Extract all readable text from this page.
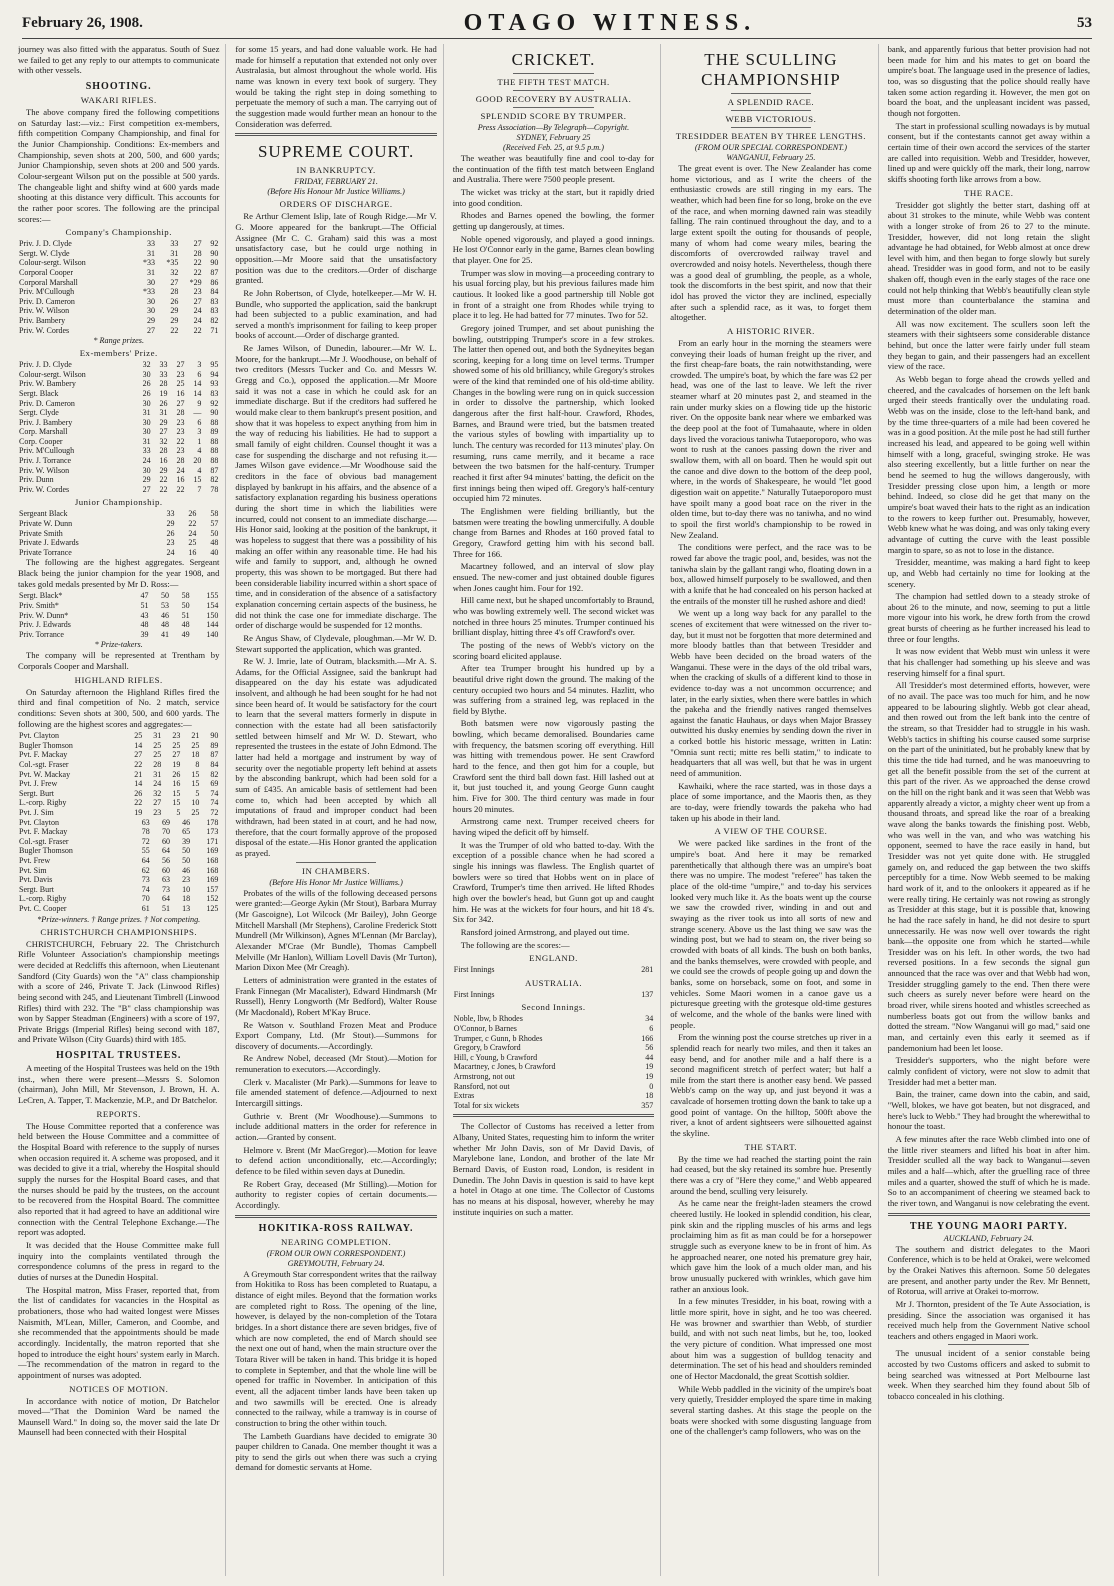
February 26, 1908.	OTAGO WITNESS.	53

journey was also fitted with the apparatus. South of Suez we failed to get any reply to our attempts to communicate with other vessels.

SHOOTING.
WAKARI RIFLES.

The above company fired the following competitions on Saturday last:—viz.: First competition ex-members, fifth competition Company Championship, and final for the Junior Championship. Conditions: Ex-members and Championship, seven shots at 200, 500, and 600 yards; Junior Championship, seven shots at 200 and 500 yards. Colour-sergeant Wilson put on the possible at 500 yards. The changeable light and shifty wind at 600 yards made shooting at this distance very difficult. This accounts for the rather poor scores. The following are the principal scores:—

Company's Championship.
Priv. J. D. Clyde	33	33	27	92
Sergt. W. Clyde	31	31	28	90
Colour-sergt. Wilson	*33	*35	22	90
Corporal Cooper	31	32	22	87
Corporal Marshall	30	27	*29	86
Priv. M'Cullough	*33	28	23	84
Priv. D. Cameron	30	26	27	83
Priv. W. Wilson	30	29	24	83
Priv. Bambery	29	29	24	82
Priv. W. Cordes	27	22	22	71
* Range prizes.
Ex-members' Prize.
Priv. J. D. Clyde	32	33	27	3	95
Colour-sergt. Wilson	30	33	23	6	94
Priv. W. Bambery	26	28	25	14	93
Sergt. Black	26	19	16	14	83
Priv. D. Cameron	30	26	27	9	92
Sergt. Clyde	31	31	28	—	90
Priv. J. Bambery	30	29	23	6	88
Corp. Marshall	30	27	23	3	89
Corp. Cooper	31	32	22	1	88
Priv. M'Cullough	33	28	23	4	88
Priv. J. Torrance	24	16	28	20	88
Priv. W. Wilson	30	29	24	4	87
Priv. Dunn	29	22	16	15	82
Priv. W. Cordes	27	22	22	7	78
Junior Championship.
Sergeant Black	33	26	58
Private W. Dunn	29	22	57
Private Smith	26	24	50
Private J. Edwards	23	25	48
Private Torrance	24	16	40

The following are the highest aggregates. Sergeant Black being the junior champion for the year 1908, and takes gold medals presented by Mr D. Ross:—

Sergt. Black*	47	50	58	155
Priv. Smith*	51	53	50	154
Priv. W. Dunn*	43	46	51	150
Priv. J. Edwards	48	48	48	144
Priv. Torrance	39	41	49	140
* Prize-takers.

The company will be represented at Trentham by Corporals Cooper and Marshall.

HIGHLAND RIFLES.

On Saturday afternoon the Highland Rifles fired the third and final competition of No. 2 match, service conditions: Seven shots at 300, 500, and 600 yards. The following are the highest scores and aggregates:—

Pvt. Clayton	25	31	23	21	90
Bugler Thomson	14	25	25	25	89
Pvt. F. Mackay	27	25	27	18	87
Col.-sgt. Fraser	22	28	19	8	84
Pvt. W. Mackay	21	31	26	15	82
Pvt. J. Frew	14	24	16	15	69
Sergt. Burt	26	32	15	5	74
L.-corp. Rigby	22	27	15	10	74
Pvt. J. Sim	19	23	5	25	72
Pvt. Clayton	63	69	46	178
Pvt. F. Mackay	78	70	65	173
Col.-sgt. Fraser	72	60	39	171
Bugler Thomson	55	64	50	169
Pvt. Frew	64	56	50	168
Pvt. Sim	62	60	46	168
Pvt. Davis	73	63	23	169
Sergt. Burt	74	73	10	157
L.-corp. Rigby	70	64	18	152
Pvt. C. Cooper	61	51	13	125
*Prize-winners. † Range prizes. † Not competing.
CHRISTCHURCH CHAMPIONSHIPS.

CHRISTCHURCH, February 22. The Christchurch Rifle Volunteer Association's championship meetings were decided at Redcliffs this afternoon, when Lieutenant Sandford (City Guards) won the "A" class championship with a score of 246, Private T. Jack (Linwood Rifles) being second with 245, and Lieutenant Timbrell (Linwood Rifles) third with 232. The "B" class championship was won by Sapper Steadman (Engineers) with a score of 197, Private Briggs (Imperial Rifles) being second with 187, and Private Wilson (City Guards) third with 185.

HOSPITAL TRUSTEES.

A meeting of the Hospital Trustees was held on the 19th inst., when there were present—Messrs S. Solomon (chairman), John Mill, Mr Stevenson, J. Brown, H. A. LeCren, A. Tapper, T. Mackenzie, M.P., and Dr Batchelor.

REPORTS.

The House Committee reported that a conference was held between the House Committee and a committee of the Hospital Board with reference to the supply of nurses when occasion required it. A scheme was proposed, and it was decided to give it a trial, whereby the Hospital should supply the nurses for the Hospital Board cases, and that the nurses should be paid by the trustees, on the account to be recovered from the Hospital Board. The committee also reported that it had agreed to have an additional wire connection with the Central Telephone Exchange.—The report was adopted.

It was decided that the House Committee make full inquiry into the complaints ventilated through the correspondence columns of the press in regard to the duties of nurses at the Dunedin Hospital.

The Hospital matron, Miss Fraser, reported that, from the list of candidates for vacancies in the Hospital as probationers, those who had waited longest were Misses Naismith, M'Lean, Miller, Cameron, and Coombe, and she recommended that the appointments should be made accordingly. Incidentally, the matron reported that she hoped to introduce the eight hours' system early in March.—The recommendation of the matron in regard to the appointment of nurses was adopted.

NOTICES OF MOTION.

In accordance with notice of motion, Dr Batchelor moved—"That the Dominion Ward be named the Maunsell Ward." In doing so, the mover said the late Dr Maunsell had been connected with their Hospital

for some 15 years, and had done valuable work. He had made for himself a reputation that extended not only over Australasia, but almost throughout the whole world. His name was known in every text book of surgery. They would be taking the right step in doing something to perpetuate the memory of such a man. The carrying out of the suggestion made would further mean an honour to the Consideration was deferred.

SUPREME COURT.
IN BANKRUPTCY.
FRIDAY, FEBRUARY 21.
(Before His Honour Mr Justice Williams.)
ORDERS OF DISCHARGE.

Re Arthur Clement Islip, late of Rough Ridge.—Mr V. G. Moore appeared for the bankrupt.—The Official Assignee (Mr C. C. Graham) said this was a most unsatisfactory case, but he could urge nothing in opposition.—Mr Moore said that the unsatisfactory position was due to the creditors.—Order of discharge granted.

Re John Robertson, of Clyde, hotelkeeper.—Mr W. H. Bundle, who supported the application, said the bankrupt had been subjected to a public examination, and had served a month's imprisonment for failing to keep proper books of account.—Order of discharge granted.

Re James Wilson, of Dunedin, labourer.—Mr W. L. Moore, for the bankrupt.—Mr J. Woodhouse, on behalf of two creditors (Messrs Tucker and Co. and Messrs W. Gregg and Co.), opposed the application.—Mr Moore said it was not a case in which he could ask for an immediate discharge. But if the creditors had suffered he would make clear to them bankrupt's present position, and show that it was hopeless to expect anything from him in the way of reducing his liabilities. He had to support a small family of eight children. Counsel thought it was a case for suspending the discharge and not refusing it.—James Wilson gave evidence.—Mr Woodhouse said the creditors in the face of obvious bad management displayed by bankrupt in his affairs, and the absence of a satisfactory explanation regarding his business operations during the short time in which the liabilities were incurred, could not consent to an immediate discharge.—His Honor said, looking at the position of the bankrupt, it was hopeless to suggest that there was a possibility of his making an offer within any reasonable time. He had his wife and family to support, and, although he owned property, this was shown to be mortgaged. But there had been considerable liability incurred within a short space of time, and in consideration of the absence of a satisfactory explanation concerning certain aspects of the business, he did not think the case one for immediate discharge. The order of discharge would be suspended for 12 months.

Re Angus Shaw, of Clydevale, ploughman.—Mr W. D. Stewart supported the application, which was granted.

Re W. J. Imrie, late of Outram, blacksmith.—Mr A. S. Adams, for the Official Assignee, said the bankrupt had disappeared on the day his estate was adjudicated insolvent, and although he had been sought for he had not since been heard of. It would be satisfactory for the court to learn that the several matters formerly in dispute in connection with the estate had all been satisfactorily settled between himself and Mr W. D. Stewart, who represented the trustees in the estate of John Edmond. The latter had held a mortgage and instrument by way of security over the negotiable property left behind at assets by the absconding bankrupt, which had been sold for a sum of £435. An amicable basis of settlement had been come to, which had been accepted by which all imputations of fraud and improper conduct had been withdrawn, had been stated in at court, and he had now, therefore, that the court formally approve of the proposed disposal of the estate.—His Honor granted the application as prayed.

IN CHAMBERS.
(Before His Honor Mr Justice Williams.)

Probates of the wills of the following deceased persons were granted:—George Aykin (Mr Stout), Barbara Murray (Mr Gascoigne), Lot Wilcock (Mr Bailey), John George Mitchell Marshall (Mr Stephens), Caroline Frederick Stott Mundrell (Mr Wilkinson), Agnes M'Lennan (Mr Barclay), Alexander M'Crae (Mr Bundle), Thomas Campbell Melville (Mr Hanlon), William Lovell Davis (Mr Turton), Marion Dixon Mee (Mr Creagh).

Letters of administration were granted in the estates of Frank Finnegan (Mr Macalister), Edward Hindmarsh (Mr Russell), Henry Longworth (Mr Bedford), Walter Rouse (Mr Macdonald), Robert M'Kay Bruce.

Re Watson v. Southland Frozen Meat and Produce Export Company, Ltd. (Mr Stout).—Summons for discovery of documents.—Accordingly.

Re Andrew Nobel, deceased (Mr Stout).—Motion for remuneration to executors.—Accordingly.

Clerk v. Macalister (Mr Park).—Summons for leave to file amended statement of defence.—Adjourned to next Intercargill sittings.

Guthrie v. Brent (Mr Woodhouse).—Summons to include additional matters in the order for reference in action.—Granted by consent.

Helmore v. Brent (Mr MacGregor).—Motion for leave to defend action unconditionally, etc.—Accordingly; defence to be filed within seven days at Dunedin.

Re Robert Gray, deceased (Mr Stilling).—Motion for authority to register copies of certain documents.—Accordingly.

HOKITIKA-ROSS RAILWAY.
NEARING COMPLETION.
(FROM OUR OWN CORRESPONDENT.)
GREYMOUTH, February 24.

A Greymouth Star correspondent writes that the railway from Hokitika to Ross has been completed to Ruatapu, a distance of eight miles. Beyond that the formation works are completed right to Ross. The opening of the line, however, is delayed by the non-completion of the Totara bridges. In a short distance there are seven bridges, five of which are now completed, the end of March should see the next one out of hand, when the main structure over the Totara River will be taken in hand. This bridge it is hoped to complete in September, and that the whole line will be opened for traffic in November. In anticipation of this event, all the adjacent timber lands have been taken up and two sawmills will be erected. One is already connected to the railway, while a tramway is in course of construction to bring the other within touch.

The Lambeth Guardians have decided to emigrate 30 pauper children to Canada. One member thought it was a pity to send the girls out when there was such a crying demand for domestic servants at Home.

CRICKET.
THE FIFTH TEST MATCH.
GOOD RECOVERY BY AUSTRALIA.
SPLENDID SCORE BY TRUMPER.
Press Association—By Telegraph—Copyright.
SYDNEY, February 25
(Received Feb. 25, at 9.5 p.m.)

The weather was beautifully fine and cool to-day for the continuation of the fifth test match between England and Australia. There were 7500 people present.

The wicket was tricky at the start, but it rapidly dried into good condition.

Rhodes and Barnes opened the bowling, the former getting up dangerously, at times.

Noble opened vigorously, and played a good innings. He lost O'Connor early in the game, Barnes clean bowling that player. One for 25.

Trumper was slow in moving—a proceeding contrary to his usual forcing play, but his previous failures made him cautious. It looked like a good partnership till Noble got in front of a straight one from Rhodes while trying to place it to leg. He had batted for 77 minutes. Two for 52.

Gregory joined Trumper, and set about punishing the bowling, outstripping Trumper's score in a few strokes. The latter then opened out, and both the Sydneyites began scoring, keeping for a long time on level terms. Trumper showed some of his old brilliancy, while Gregory's strokes were of the kind that reminded one of his old-time ability. Changes in the bowling were rung on in quick succession in order to dissolve the partnership, which looked dangerous after the first half-hour. Crawford, Rhodes, Barnes, and Braund were tried, but the batsmen treated the various styles of bowling with impartiality up to lunch. The century was recorded for 113 minutes' play. On resuming, runs came merrily, and it became a race between the two batsmen for the half-century. Trumper reached it first after 94 minutes' batting, the deficit on the first innings being then wiped off. Gregory's half-century occupied him 72 minutes.

The Englishmen were fielding brilliantly, but the batsmen were treating the bowling unmercifully. A double change from Barnes and Rhodes at 160 proved fatal to Gregory, Crawford getting him with his second ball. Three for 166.

Macartney followed, and an interval of slow play ensued. The new-comer and just obtained double figures when Jones caught him. Four for 192.

Hill came next, but he shaped uncomfortably to Braund, who was bowling extremely well. The second wicket was notched in three hours 25 minutes. Trumper continued his brilliant display, hitting three 4's off Crawford's over.

The posting of the news of Webb's victory on the scoring board elicited applause.

After tea Trumper brought his hundred up by a beautiful drive right down the ground. The making of the century occupied two hours and 54 minutes. Hazlitt, who was suffering from a strained leg, was replaced in the field by Blythe.

Both batsmen were now vigorously pasting the bowling, which became demoralised. Boundaries came with frequency, the batsmen scoring off everything. Hill was hitting with tremendous power. He sent Crawford hard to the fence, and then got him for a couple, but Crawford sent the third ball down fast. Hill lashed out at it, but just touched it, and young George Gunn caught him. Five for 300. The third century was made in four hours 20 minutes.

Armstrong came next. Trumper received cheers for having wiped the deficit off by himself.

It was the Trumper of old who batted to-day. With the exception of a possible chance when he had scored a single his innings was flawless. The English quartet of bowlers were so tired that Hobbs went on in place of Crawford, Trumper's time then arrived. He lifted Rhodes high over the bowler's head, but Gunn got up and caught him. He was at the wickets for four hours, and hit 18 4's. Six for 342.

Ransford joined Armstrong, and played out time.

The following are the scores:—

ENGLAND.
First Innings	281
AUSTRALIA.
First Innings	137
Second Innings.
Noble, lbw, b Rhodes	34
O'Connor, b Barnes	6
Trumper, c Gunn, b Rhodes	166
Gregory, b Crawford	56
Hill, c Young, b Crawford	44
Macartney, c Jones, b Crawford	19
Armstrong, not out	19
Ransford, not out	0
Extras	18
Total for six wickets	357

The Collector of Customs has received a letter from Albany, United States, requesting him to inform the writer whether Mr John Davis, son of Mr David Davis, of Marylebone lane, London, and brother of the late Mr Bernard Davis, of Euston road, London, is resident in Dunedin. The John Davis in question is said to have kept a hotel in Otago at one time. The Collector of Customs has no means at his disposal, however, whereby he may institute inquiries on such a matter.

THE SCULLING CHAMPIONSHIP
A SPLENDID RACE.
WEBB VICTORIOUS.
TRESIDDER BEATEN BY THREE LENGTHS.
(FROM OUR SPECIAL CORRESPONDENT.)
WANGANUI, February 25.

The great event is over. The New Zealander has come home victorious, and as I write the cheers of the enthusiastic crowds are still ringing in my ears. The weather, which had been fine for so long, broke on the eve of the race, and when morning dawned rain was steadily falling. The rain continued throughout the day, and to a large extent spoilt the outing for thousands of people, many of whom had come weary miles, bearing the discomforts of overcrowded railway travel and overcrowded and noisy hotels. Nevertheless, though there was a good deal of grumbling, the people, as a whole, took the discomforts in the best spirit, and now that their idol has proved the victor they are inclined, especially after such a splendid race, as it was, to forget them altogether.

A HISTORIC RIVER.

From an early hour in the morning the steamers were conveying their loads of human freight up the river, and the first cheap-fare boats, the rain notwithstanding, were crowded. The umpire's boat, by which the fare was £2 per head, was one of the last to leave. We left the river steamer wharf at 20 minutes past 2, and steamed in the rain under murky skies on a flowing tide up the historic river. On the opposite bank near where we embarked was the deep pool at the foot of Tumahaaute, where in olden days lived the voracious taniwha Tutaeporoporo, who was wont to rush at the canoes passing down the river and swallow them, with all on board. Then he would spit out the canoe and dive down to the bottom of the deep pool, where, in the words of Shakespeare, he would "let good digestion wait on appetite." Naturally Tutaeporoporo must have spoilt many a good boat race on the river in the olden time, but to-day there was no taniwha, and no wind to spoil the first world's championship to be rowed in New Zealand.

The conditions were perfect, and the race was to be rowed far above the tragic pool, and, besides, was not the taniwha slain by the gallant rangi who, floating down in a box, allowed himself purposely to be swallowed, and then with a knife that he had concealed on his person hacked at the entrails of the monster till he rushed ashore and died!

We went up a long way back for any parallel to the scenes of excitement that were witnessed on the river to-day, but it must not be forgotten that more determined and more bloody battles than that between Tresidder and Webb have been decided on the broad waters of the Wanganui. These were in the days of the old tribal wars, when the cracking of skulls of a different kind to those in evidence to-day was a not uncommon occurrence; and later, in the early sixties, when there were battles in which the pakeha and the friendly natives ranged themselves against the fanatic Hauhaus, or days when Major Brassey outwitted his dusky enemies by sending down the river in a corked bottle his historic message, written in Latin: "Omnia sunt recti; mitte res belli statim," to indicate to headquarters that all was well, but that he was in urgent need of ammunition.

Kawhaiki, where the race started, was in those days a place of some importance, and the Maoris then, as they are to-day, were friendly towards the pakeha who had taken up his abode in their land.

A VIEW OF THE COURSE.

We were packed like sardines in the front of the umpire's boat. And here it may be remarked parenthetically that although there was an umpire's boat there was no umpire. The modest "referee" has taken the place of the old-time "umpire," and to-day his services looked very much like it. As the boats went up the course we saw the crowded river, winding in and out and swaying as the river took us into all sorts of new and strange scenery. Above us the last thing we saw was the winding post, but we had to steam on, the river being so crowded with boats of all kinds. The bush on both banks, and the banks themselves, were crowded with people, and we could see the crowds of people going up and down the banks, some on horseback, some on foot, and some in vehicles. Some Maori women in a canoe gave us a picturesque greeting with the grotesque old-time gestures of welcome, and the whole of the banks were lined with people.

From the winning post the course stretches up river in a splendid reach for nearly two miles, and then it takes an easy bend, and for another mile and a half there is a second magnificent stretch of perfect water; but half a mile from the start there is another easy bend. We passed Webb's camp on the way up, and just beyond it was a cavalcade of horsemen trotting down the bank to take up a good point of vantage. On the hilltop, 500ft above the river, a knot of ardent sightseers were silhouetted against the skyline.

THE START.

By the time we had reached the starting point the rain had ceased, but the sky retained its sombre hue. Presently there was a cry of "Here they come," and Webb appeared around the bend, sculling very leisurely.

As he came near the freight-laden steamers the crowd cheered lustily. He looked in splendid condition, his clear, pink skin and the rippling muscles of his arms and legs proclaiming him as fit as man could be for a horsepower struggle such as everyone knew to be in front of him. As he approached nearer, one noted his premature grey hair, which gave him the look of a much older man, and his brow unusually puckered with wrinkles, which gave him rather an anxious look.

In a few minutes Tresidder, in his boat, rowing with a little more spirit, hove in sight, and he too was cheered. He was browner and swarthier than Webb, of sturdier build, and with not such neat limbs, but he, too, looked the very picture of condition. What impressed one most about him was a suggestion of bulldog tenacity and determination. The set of his head and shoulders reminded one of Hector Macdonald, the great Scottish soldier.

While Webb paddled in the vicinity of the umpire's boat very quietly, Tresidder employed the spare time in making several starting dashes. At this stage the people on the boats were shocked with some disgusting language from one of the challenger's camp followers, who was on the

bank, and apparently furious that better provision had not been made for him and his mates to get on board the umpire's boat. The language used in the presence of ladies, too, was so disgusting that the police should really have taken some action regarding it. However, the men got on board the boat, and the unpleasant incident was passed, though not forgotten.

The start in professional sculling nowadays is by mutual consent, but if the contestants cannot get away within a certain time of their own accord the services of the starter are called into requisition. Webb and Tresidder, however, lined up and were quickly off the mark, their long, narrow skiffs shooting forth like arrows from a bow.

THE RACE.

Tresidder got slightly the better start, dashing off at about 31 strokes to the minute, while Webb was content with a longer stroke of from 26 to 27 to the minute. Tresidder, however, did not long retain the slight advantage he had obtained, for Webb almost at once drew level with him, and then began to forge slowly but surely ahead. Tresidder was in good form, and not to be easily shaken off, though even in the early stages of the race one could not help thinking that Webb's beautifully clean style must more than counterbalance the stamina and determination of the older man.

All was now excitement. The scullers soon left the steamers with their sightseers some considerable distance behind, but once the latter were fairly under full steam they began to gain, and their passengers had an excellent view of the race.

As Webb began to forge ahead the crowds yelled and cheered, and the cavalcades of horsemen on the left bank urged their steeds frantically over the undulating road. Webb was on the inside, close to the left-hand bank, and by the time three-quarters of a mile had been covered he was in a good position. At the mile post he had still further increased his lead, and appeared to be going well within himself with a long, graceful, swinging stroke. He was also steering excellently, but a little further on near the bend he seemed to hug the willows dangerously, with Tresidder pressing close upon him, a length or more behind. Indeed, so close did he get that many on the umpire's boat waved their hats to the right as an indication to the rowers to keep further out. Presumably, however, Webb knew what he was doing, and was only taking every advantage of cutting the curve with the least possible margin to spare, so as not to lose in the distance.

Tresidder, meantime, was making a hard fight to keep up, and Webb had certainly no time for looking at the scenery.

The champion had settled down to a steady stroke of about 26 to the minute, and now, seeming to put a little more vigour into his work, he drew forth from the crowd great bursts of cheering as he further increased his lead to three or four lengths.

It was now evident that Webb must win unless it were that his challenger had something up his sleeve and was reserving himself for a final spurt.

All Tresidder's most determined efforts, however, were of no avail. The pace was too much for him, and he now appeared to be labouring slightly. Webb got clear ahead, and then rowed out from the left bank into the centre of the stream, so that Tresidder had to struggle in his wash. Webb's tactics in shifting his course caused some surprise on the part of the uninitiated, but he probably knew that by this time the tide had turned, and he was manoeuvring to get all the benefit possible from the set of the current at this part of the river. As we approached the dense crowd on the hill on the right bank and it was seen that Webb was apparently already a victor, a mighty cheer went up from a thousand throats, and spread like the roar of a breaking wave along the banks towards the finishing post. Webb, who was well in the van, and who was watching his opponent, seemed to have the race easily in hand, but Tresidder was not yet quite done with. He struggled gamely on, and reduced the gap between the two skiffs perceptibly for a time. Now Webb seemed to be making hard work of it, and to the onlookers it appeared as if he were really tiring. He certainly was not rowing as strongly as Tresidder at this stage, but it is possible that, knowing he had the race safely in hand, he did not desire to spurt unnecessarily. He was now well over towards the right bank—the opposite one from which he started—while Tresidder was on his left. In other words, the two had reversed positions. In a few seconds the signal gun announced that the race was over and that Webb had won, Tresidder struggling gamely to the end. Then there were such cheers as surely never before were heard on the broad river, while sirens hooted and whistles screeched as numberless boats got out from the willow banks and dotted the stream. "Now Wanganui will go mad," said one man, and certainly even this early it seemed as if pandemonium had been let loose.

Tresidder's supporters, who the night before were calmly confident of victory, were not slow to admit that Tresidder had met a better man.

Bain, the trainer, came down into the cabin, and said, "Well, blokes, we have got beaten, but not disgraced, and here's luck to Webb." They had brought the wherewithal to honour the toast.

A few minutes after the race Webb climbed into one of the little river steamers and lifted his boat in after him. Tresidder sculled all the way back to Wanganui—seven miles and a half—which, after the gruelling race of three miles and a quarter, showed the stuff of which he is made. So to an accompaniment of cheering we steamed back to the river town, and Wanganui is now celebrating the event.

THE YOUNG MAORI PARTY.
AUCKLAND, February 24.

The southern and district delegates to the Maori Conference, which is to be held at Orakei, were welcomed by the Orakei Natives this afternoon. Some 50 delegates are present, and another party under the Rev. Mr Bennett, of Rotorua, will arrive at Orakei to-morrow.

Mr J. Thornton, president of the Te Aute Association, is presiding. Since the association was organised it has received much help from the Government Native school teachers and others engaged in Maori work.

The unusual incident of a senior constable being accosted by two Customs officers and asked to submit to being searched was witnessed at Port Melbourne last week. When they searched him they found about 5lb of tobacco concealed in his clothing.
